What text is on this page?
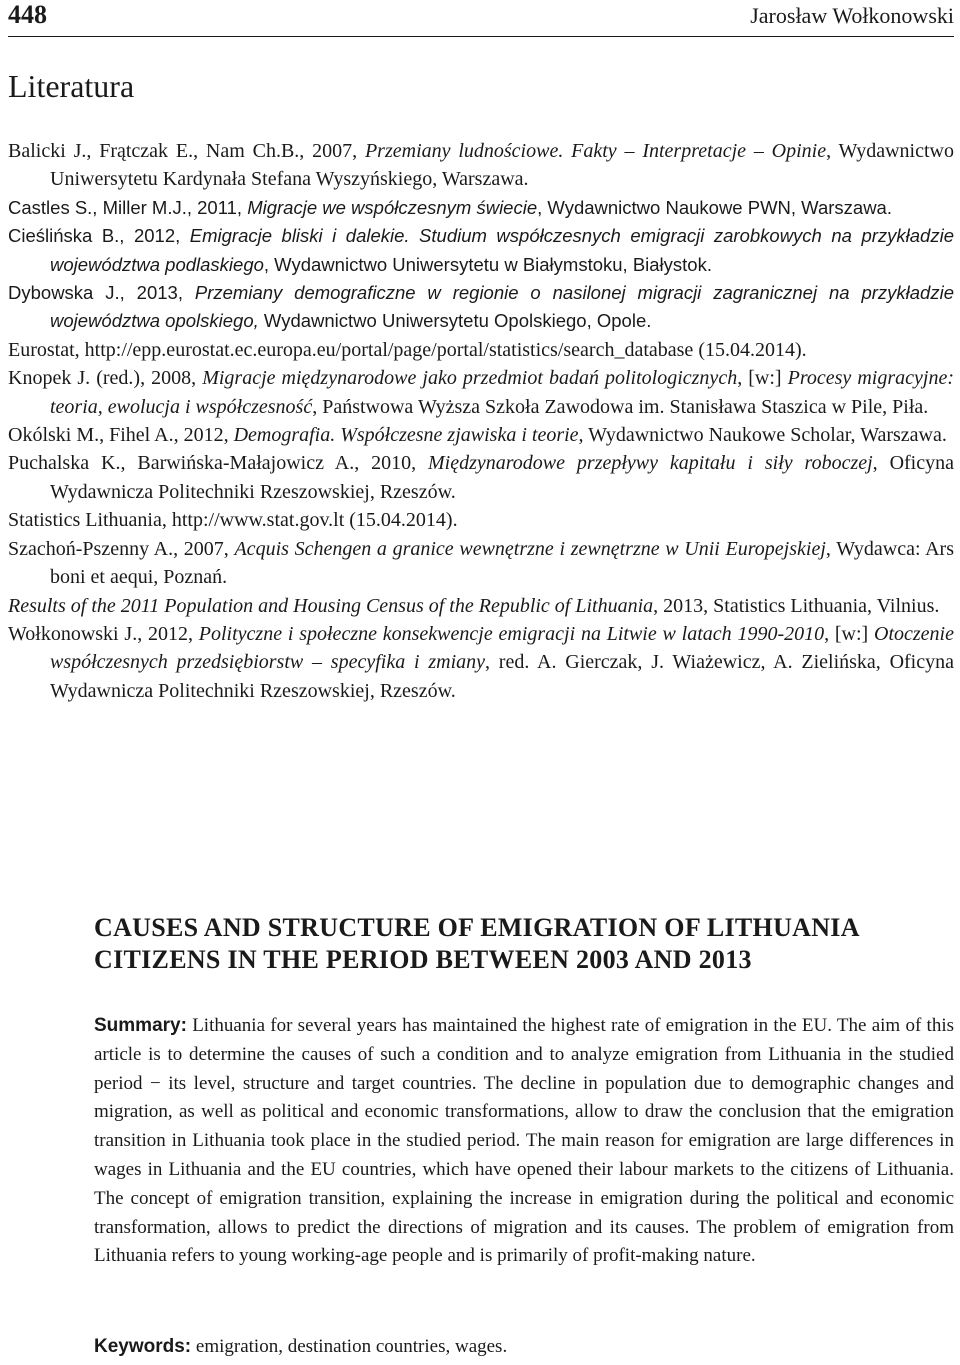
448	Jarosław Wołkonowski
Literatura

Balicki J., Frątczak E., Nam Ch.B., 2007, Przemiany ludnościowe. Fakty – Interpretacje – Opinie, Wydawnictwo Uniwersytetu Kardynała Stefana Wyszyńskiego, Warszawa.

Castles S., Miller M.J., 2011, Migracje we współczesnym świecie, Wydawnictwo Naukowe PWN, Warszawa.

Cieślińska B., 2012, Emigracje bliski i dalekie. Studium współczesnych emigracji zarobkowych na przykładzie województwa podlaskiego, Wydawnictwo Uniwersytetu w Białymstoku, Białystok.

Dybowska J., 2013, Przemiany demograficzne w regionie o nasilonej migracji zagranicznej na przykładzie województwa opolskiego, Wydawnictwo Uniwersytetu Opolskiego, Opole.

Eurostat, http://epp.eurostat.ec.europa.eu/portal/page/portal/statistics/search_database (15.04.2014).

Knopek J. (red.), 2008, Migracje międzynarodowe jako przedmiot badań politologicznych, [w:] Procesy migracyjne: teoria, ewolucja i współczesność, Państwowa Wyższa Szkoła Zawodowa im. Stanisława Staszica w Pile, Piła.

Okólski M., Fihel A., 2012, Demografia. Współczesne zjawiska i teorie, Wydawnictwo Naukowe Scholar, Warszawa.

Puchalska K., Barwińska-Małajowicz A., 2010, Międzynarodowe przepływy kapitału i siły roboczej, Oficyna Wydawnicza Politechniki Rzeszowskiej, Rzeszów.

Statistics Lithuania, http://www.stat.gov.lt (15.04.2014).

Szachoń-Pszenny A., 2007, Acquis Schengen a granice wewnętrzne i zewnętrzne w Unii Europejskiej, Wydawca: Ars boni et aequi, Poznań.

Results of the 2011 Population and Housing Census of the Republic of Lithuania, 2013, Statistics Lithuania, Vilnius.

Wołkonowski J., 2012, Polityczne i społeczne konsekwencje emigracji na Litwie w latach 1990-2010, [w:] Otoczenie współczesnych przedsiębiorstw – specyfika i zmiany, red. A. Gierczak, J. Wiażewicz, A. Zielińska, Oficyna Wydawnicza Politechniki Rzeszowskiej, Rzeszów.

CAUSES AND STRUCTURE OF EMIGRATION OF LITHUANIA CITIZENS IN THE PERIOD BETWEEN 2003 AND 2013

Summary: Lithuania for several years has maintained the highest rate of emigration in the EU. The aim of this article is to determine the causes of such a condition and to analyze emigration from Lithuania in the studied period − its level, structure and target countries. The decline in population due to demographic changes and migration, as well as political and economic transformations, allow to draw the conclusion that the emigration transition in Lithuania took place in the studied period. The main reason for emigration are large differences in wages in Lithuania and the EU countries, which have opened their labour markets to the citizens of Lithuania. The concept of emigration transition, explaining the increase in emigration during the political and economic transformation, allows to predict the directions of migration and its causes. The problem of emigration from Lithuania refers to young working-age people and is primarily of profit-making nature.

Keywords: emigration, destination countries, wages.
